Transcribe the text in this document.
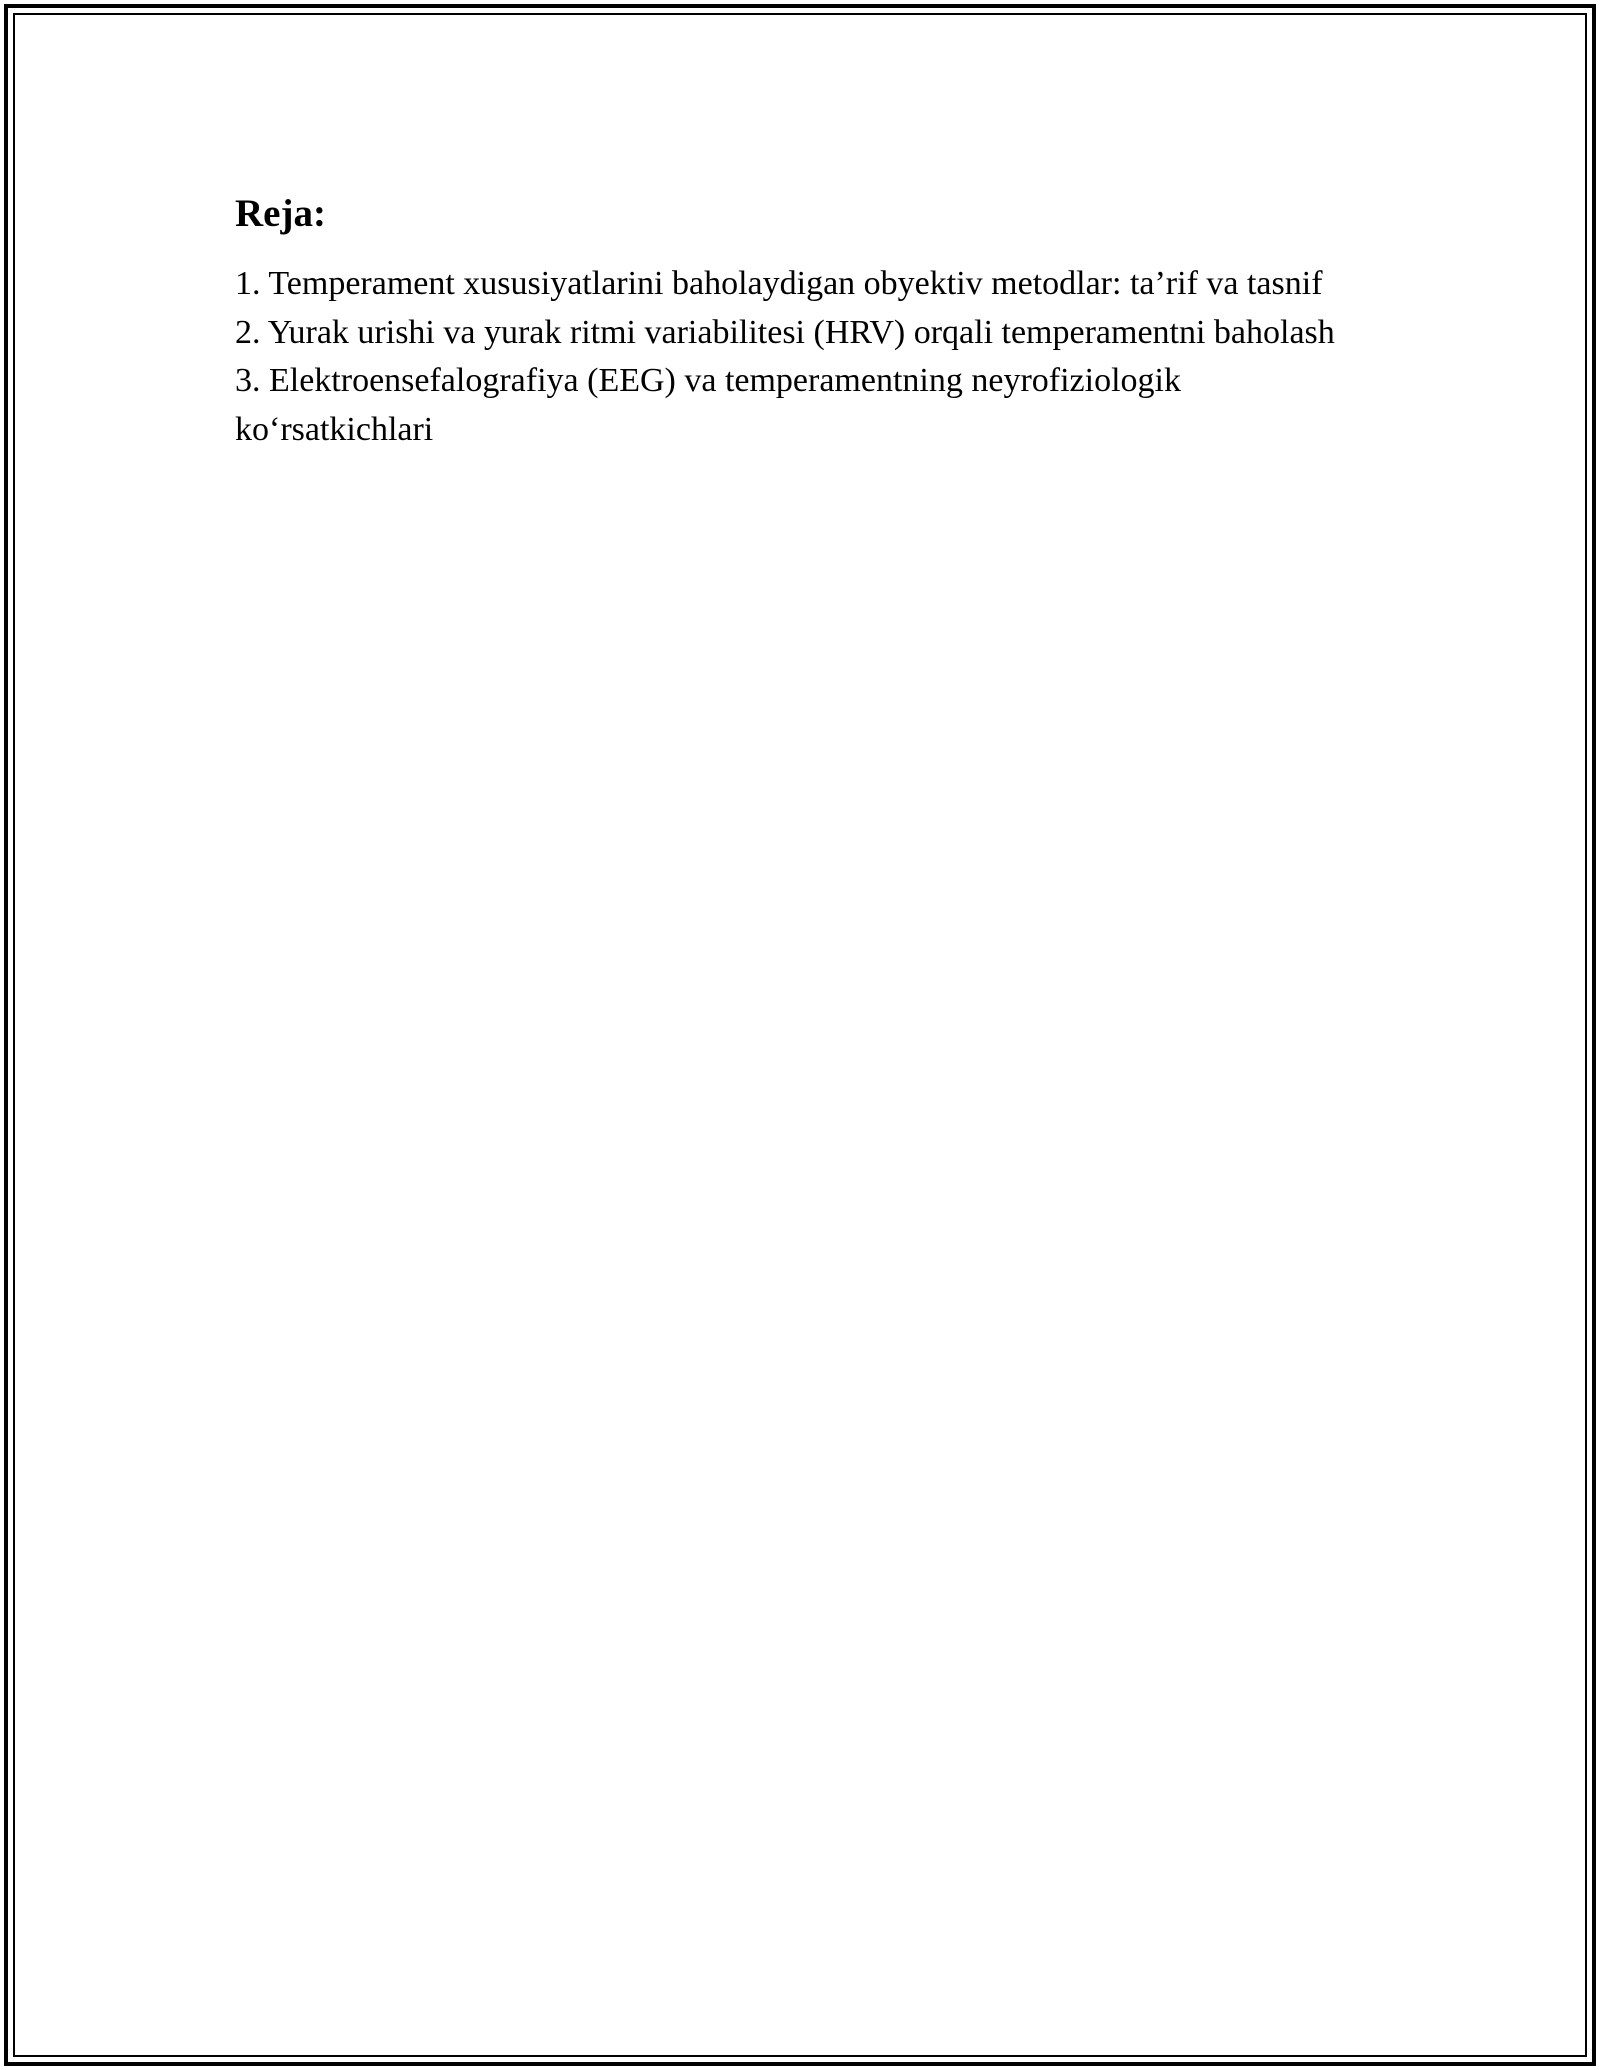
Reja:
1. Temperament xususiyatlarini baholaydigan obyektiv metodlar: ta’rif va tasnif
2. Yurak urishi va yurak ritmi variabilitesi (HRV) orqali temperamentni baholash
3. Elektroensefalografiya (EEG) va temperamentning neyrofiziologik ko‘rsatkichlari
